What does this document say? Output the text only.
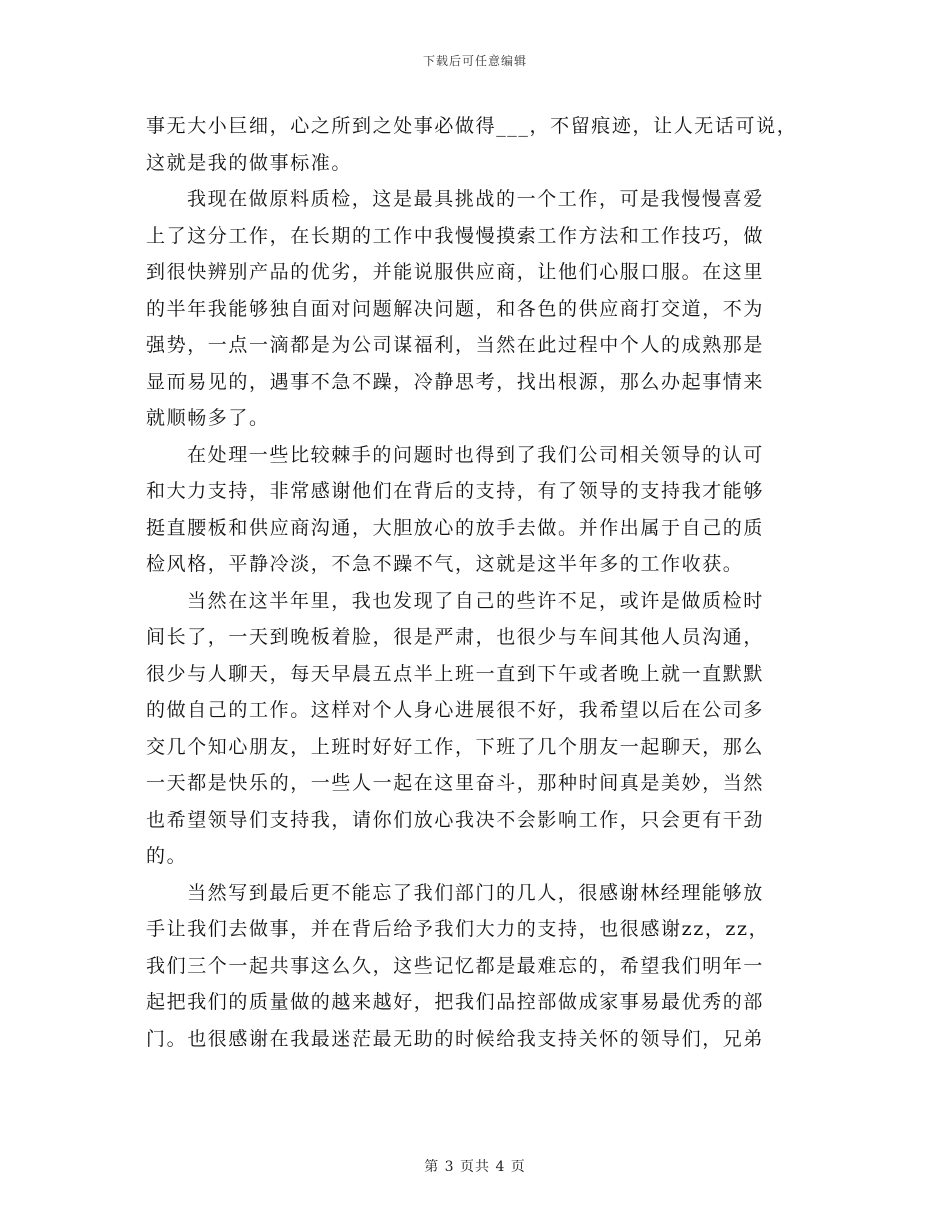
下载后可任意编辑
事无大小巨细，心之所到之处事必做得___，不留痕迹，让人无话可说，
这就是我的做事标准。
我现在做原料质检，这是最具挑战的一个工作，可是我慢慢喜爱
上了这分工作，在长期的工作中我慢慢摸索工作方法和工作技巧，做
到很快辨别产品的优劣，并能说服供应商，让他们心服口服。在这里
的半年我能够独自面对问题解决问题，和各色的供应商打交道，不为
强势，一点一滴都是为公司谋福利，当然在此过程中个人的成熟那是
显而易见的，遇事不急不躁，冷静思考，找出根源，那么办起事情来
就顺畅多了。
在处理一些比较棘手的问题时也得到了我们公司相关领导的认可
和大力支持，非常感谢他们在背后的支持，有了领导的支持我才能够
挺直腰板和供应商沟通，大胆放心的放手去做。并作出属于自己的质
检风格，平静冷淡，不急不躁不气，这就是这半年多的工作收获。
当然在这半年里，我也发现了自己的些许不足，或许是做质检时
间长了，一天到晚板着脸，很是严肃，也很少与车间其他人员沟通，
很少与人聊天，每天早晨五点半上班一直到下午或者晚上就一直默默
的做自己的工作。这样对个人身心进展很不好，我希望以后在公司多
交几个知心朋友，上班时好好工作，下班了几个朋友一起聊天，那么
一天都是快乐的，一些人一起在这里奋斗，那种时间真是美妙，当然
也希望领导们支持我，请你们放心我决不会影响工作，只会更有干劲
的。
当然写到最后更不能忘了我们部门的几人，很感谢林经理能够放
手让我们去做事，并在背后给予我们大力的支持，也很感谢zz，zz，
我们三个一起共事这么久，这些记忆都是最难忘的，希望我们明年一
起把我们的质量做的越来越好，把我们品控部做成家事易最优秀的部
门。也很感谢在我最迷茫最无助的时候给我支持关怀的领导们，兄弟
第 3 页共 4 页
